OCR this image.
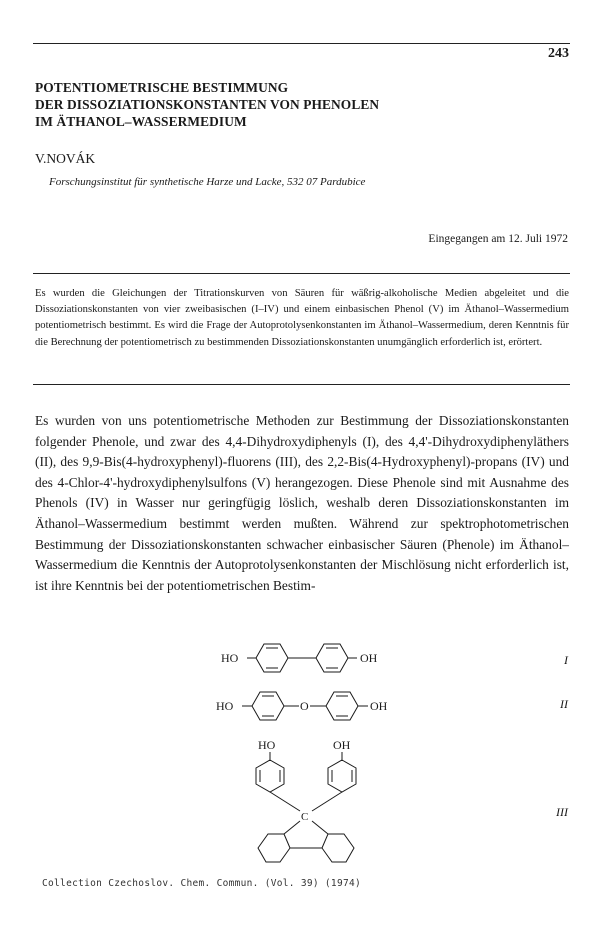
243
POTENTIOMETRISCHE BESTIMMUNG
DER DISSOZIATIONSKONSTANTEN VON PHENOLEN
IM ÄTHANOL–WASSERMEDIUM
V.NOVÁK
Forschungsinstitut für synthetische Harze und Lacke, 532 07 Pardubice
Eingegangen am 12. Juli 1972
Es wurden die Gleichungen der Titrationskurven von Säuren für wäßrig-alkoholische Medien abgeleitet und die Dissoziationskonstanten von vier zweibasischen (I–IV) und einem einbasischen Phenol (V) im Äthanol–Wassermedium potentiometrisch bestimmt. Es wird die Frage der Autoprotolysenkonstanten im Äthanol–Wassermedium, deren Kenntnis für die Berechnung der potentiometrisch zu bestimmenden Dissoziationskonstanten unumgänglich erforderlich ist, erörtert.
Es wurden von uns potentiometrische Methoden zur Bestimmung der Dissoziationskonstanten folgender Phenole, und zwar des 4,4-Dihydroxydiphenyls (I), des 4,4'-Dihydroxydiphenyläthers (II), des 9,9-Bis(4-hydroxyphenyl)-fluorens (III), des 2,2-Bis(4-Hydroxyphenyl)-propans (IV) und des 4-Chlor-4'-hydroxydiphenylsulfons (V) herangezogen. Diese Phenole sind mit Ausnahme des Phenols (IV) in Wasser nur geringfügig löslich, weshalb deren Dissoziationskonstanten im Äthanol–Wassermedium bestimmt werden mußten. Während zur spektrophotometrischen Bestimmung der Dissoziationskonstanten schwacher einbasischer Säuren (Phenole) im Äthanol–Wassermedium die Kenntnis der Autoprotolysenkonstanten der Mischlösung nicht erforderlich ist, ist ihre Kenntnis bei der potentiometrischen Bestim-
HO	OH	I
HO	O	OH	II
HO	OH
C	III
Collection Czechoslov. Chem. Commun. (Vol. 39) (1974)
